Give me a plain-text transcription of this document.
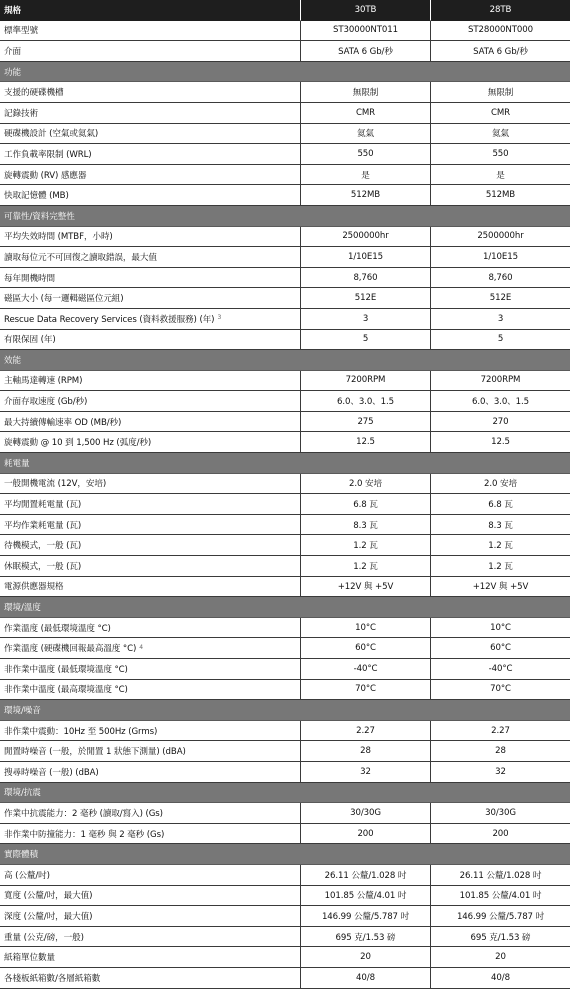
規格	30TB	28TB
標準型號	ST30000NT011	ST28000NT000
介面	SATA 6 Gb/秒	SATA 6 Gb/秒
功能
支援的硬碟機槽	無限制	無限制
記錄技術	CMR	CMR
硬碟機設計 (空氣或氦氣)	氦氣	氦氣
工作負載率限制 (WRL)	550	550
旋轉震動 (RV) 感應器	是	是
快取記憶體 (MB)	512MB	512MB
可靠性/資料完整性
平均失效時間 (MTBF，小時)	2500000hr	2500000hr
讀取每位元不可回復之讀取錯誤，最大值	1/10E15	1/10E15
每年開機時間	8,760	8,760
磁區大小 (每一邏輯磁區位元組)	512E	512E
Rescue Data Recovery Services (資料救援服務) (年) $^3$	3	3
有限保固 (年)	5	5
效能
主軸馬達轉速 (RPM)	7200RPM	7200RPM
介面存取速度 (Gb/秒)	6.0、3.0、1.5	6.0、3.0、1.5
最大持續傳輸速率 OD (MB/秒)	275	270
旋轉震動 @ 10 到 1,500 Hz (弧度/秒)	12.5	12.5
耗電量
一般開機電流 (12V，安培)	2.0 安培	2.0 安培
平均閒置耗電量 (瓦)	6.8 瓦	6.8 瓦
平均作業耗電量 (瓦)	8.3 瓦	8.3 瓦
待機模式，一般 (瓦)	1.2 瓦	1.2 瓦
休眠模式，一般 (瓦)	1.2 瓦	1.2 瓦
電源供應器規格	+12V 與 +5V	+12V 與 +5V
環境/溫度
作業溫度 (最低環境溫度 °C)	10°C	10°C
作業溫度 (硬碟機回報最高溫度 °C) $^4$	60°C	60°C
非作業中溫度 (最低環境溫度 °C)	-40°C	-40°C
非作業中溫度 (最高環境溫度 °C)	70°C	70°C
環境/噪音
非作業中震動：10Hz 至 500Hz (Grms)	2.27	2.27
閒置時噪音 (一般，於閒置 1 狀態下測量) (dBA)	28	28
搜尋時噪音 (一般) (dBA)	32	32
環境/抗震
作業中抗震能力：2 毫秒 (讀取/寫入) (Gs)	30/30G	30/30G
非作業中防撞能力：1 毫秒 與 2 毫秒 (Gs)	200	200
實際體積
高 (公釐/吋)	26.11 公釐/1.028 吋	26.11 公釐/1.028 吋
寬度 (公釐/吋，最大值)	101.85 公釐/4.01 吋	101.85 公釐/4.01 吋
深度 (公釐/吋，最大值)	146.99 公釐/5.787 吋	146.99 公釐/5.787 吋
重量 (公克/磅，一般)	695 克/1.53 磅	695 克/1.53 磅
紙箱單位數量	20	20
各棧板紙箱數/各層紙箱數	40/8	40/8
